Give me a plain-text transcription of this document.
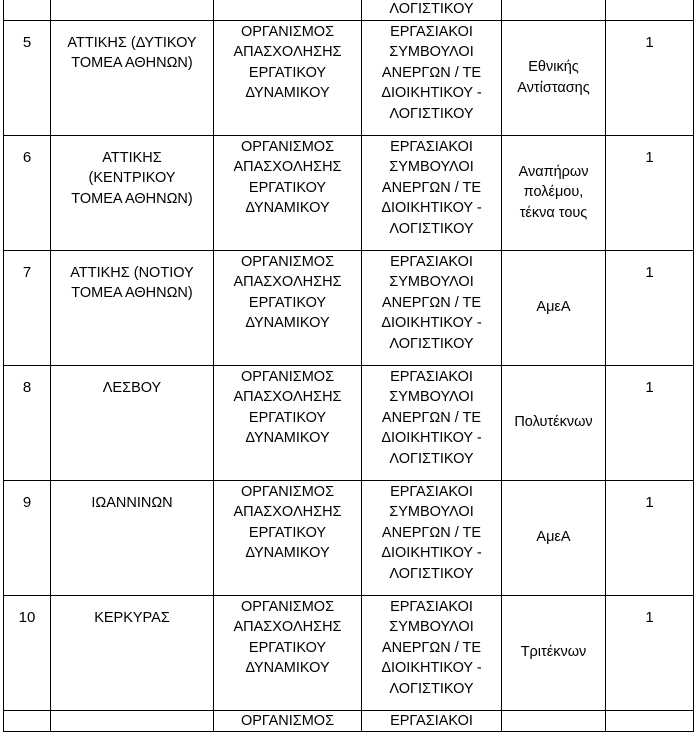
			ΛΟΓΙΣΤΙΚΟΥ		

5	ΑΤΤΙΚΗΣ (ΔΥΤΙΚΟΥ
ΤΟΜΕΑ ΑΘΗΝΩΝ)	ΟΡΓΑΝΙΣΜΟΣ
ΑΠΑΣΧΟΛΗΣΗΣ
ΕΡΓΑΤΙΚΟΥ
ΔΥΝΑΜΙΚΟΥ	ΕΡΓΑΣΙΑΚΟΙ
ΣΥΜΒΟΥΛΟΙ
ΑΝΕΡΓΩΝ / ΤΕ
ΔΙΟΙΚΗΤΙΚΟΥ -
ΛΟΓΙΣΤΙΚΟΥ	Εθνικής
Αντίστασης	1
6	ΑΤΤΙΚΗΣ
(ΚΕΝΤΡΙΚΟΥ
ΤΟΜΕΑ ΑΘΗΝΩΝ)	ΟΡΓΑΝΙΣΜΟΣ
ΑΠΑΣΧΟΛΗΣΗΣ
ΕΡΓΑΤΙΚΟΥ
ΔΥΝΑΜΙΚΟΥ	ΕΡΓΑΣΙΑΚΟΙ
ΣΥΜΒΟΥΛΟΙ
ΑΝΕΡΓΩΝ / ΤΕ
ΔΙΟΙΚΗΤΙΚΟΥ -
ΛΟΓΙΣΤΙΚΟΥ	Αναπήρων
πολέμου,
τέκνα τους	1
7	ΑΤΤΙΚΗΣ (ΝΟΤΙΟΥ
ΤΟΜΕΑ ΑΘΗΝΩΝ)	ΟΡΓΑΝΙΣΜΟΣ
ΑΠΑΣΧΟΛΗΣΗΣ
ΕΡΓΑΤΙΚΟΥ
ΔΥΝΑΜΙΚΟΥ	ΕΡΓΑΣΙΑΚΟΙ
ΣΥΜΒΟΥΛΟΙ
ΑΝΕΡΓΩΝ / ΤΕ
ΔΙΟΙΚΗΤΙΚΟΥ -
ΛΟΓΙΣΤΙΚΟΥ	ΑμεΑ	1
8	ΛΕΣΒΟΥ	ΟΡΓΑΝΙΣΜΟΣ
ΑΠΑΣΧΟΛΗΣΗΣ
ΕΡΓΑΤΙΚΟΥ
ΔΥΝΑΜΙΚΟΥ	ΕΡΓΑΣΙΑΚΟΙ
ΣΥΜΒΟΥΛΟΙ
ΑΝΕΡΓΩΝ / ΤΕ
ΔΙΟΙΚΗΤΙΚΟΥ -
ΛΟΓΙΣΤΙΚΟΥ	Πολυτέκνων	1
9	ΙΩΑΝΝΙΝΩΝ	ΟΡΓΑΝΙΣΜΟΣ
ΑΠΑΣΧΟΛΗΣΗΣ
ΕΡΓΑΤΙΚΟΥ
ΔΥΝΑΜΙΚΟΥ	ΕΡΓΑΣΙΑΚΟΙ
ΣΥΜΒΟΥΛΟΙ
ΑΝΕΡΓΩΝ / ΤΕ
ΔΙΟΙΚΗΤΙΚΟΥ -
ΛΟΓΙΣΤΙΚΟΥ	ΑμεΑ	1
10	ΚΕΡΚΥΡΑΣ	ΟΡΓΑΝΙΣΜΟΣ
ΑΠΑΣΧΟΛΗΣΗΣ
ΕΡΓΑΤΙΚΟΥ
ΔΥΝΑΜΙΚΟΥ	ΕΡΓΑΣΙΑΚΟΙ
ΣΥΜΒΟΥΛΟΙ
ΑΝΕΡΓΩΝ / ΤΕ
ΔΙΟΙΚΗΤΙΚΟΥ -
ΛΟΓΙΣΤΙΚΟΥ	Τριτέκνων	1

		ΟΡΓΑΝΙΣΜΟΣ	ΕΡΓΑΣΙΑΚΟΙ		
